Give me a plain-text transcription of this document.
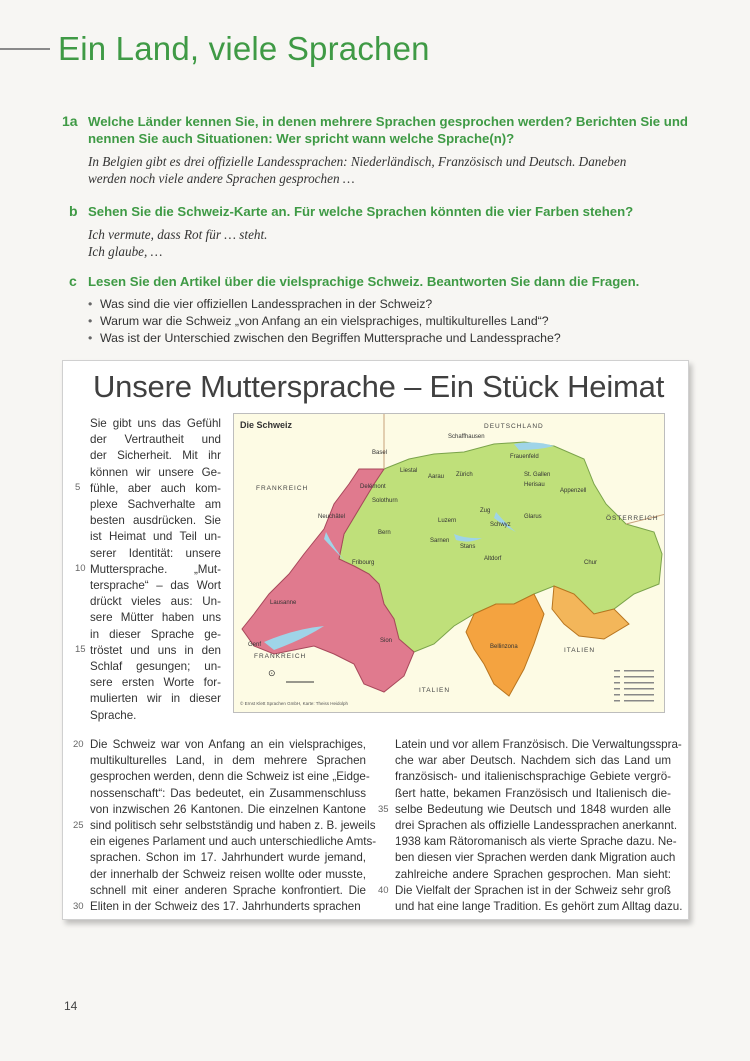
Ein Land, viele Sprachen
1a Welche Länder kennen Sie, in denen mehrere Sprachen gesprochen werden? Berichten Sie und
nennen Sie auch Situationen: Wer spricht wann welche Sprache(n)?
In Belgien gibt es drei offizielle Landessprachen: Niederländisch, Französisch und Deutsch. Daneben
werden noch viele andere Sprachen gesprochen …
b Sehen Sie die Schweiz-Karte an. Für welche Sprachen könnten die vier Farben stehen?
Ich vermute, dass Rot für … steht.
Ich glaube, …
c Lesen Sie den Artikel über die vielsprachige Schweiz. Beantworten Sie dann die Fragen.
• Was sind die vier offiziellen Landessprachen in der Schweiz?
• Warum war die Schweiz „von Anfang an ein vielsprachiges, multikulturelles Land“?
• Was ist der Unterschied zwischen den Begriffen Muttersprache und Landessprache?
Unsere Muttersprache – Ein Stück Heimat
Sie gibt uns das Gefühl
der Vertrautheit und
der Sicherheit. Mit ihr
können wir unsere Ge-
fühle, aber auch kom-
plexe Sachverhalte am
besten ausdrücken. Sie
ist Heimat und Teil un-
serer Identität: unsere
Muttersprache. „Mut-
tersprache“ – das Wort
drückt vieles aus: Un-
sere Mütter haben uns
in dieser Sprache ge-
tröstet und uns in den
Schlaf gesungen; un-
sere ersten Worte for-
mulierten wir in dieser
Sprache.
5
10
15
Die Schweiz	DEUTSCHLAND
FRANKREICH
ÖSTERREICH
ITALIEN
FRANKREICH
ITALIEN
Basel
Schaffhausen
Frauenfeld
Liestal
Aarau Zürich	St. Gallen
Herisau
Appenzell
Delémont
Solothurn
Luzern
Zug
Schwyz
Glarus
Neuchâtel
Bern
Sarnen
Stans
Altdorf
Fribourg	Chur
Lausanne
Sion
Genf	Bellinzona
⊙
© Ernst Klett Sprachen GmbH, Karte: Theiss Heidolph
Die Schweiz war von Anfang an ein vielsprachiges,
multikulturelles Land, in dem mehrere Sprachen
gesprochen werden, denn die Schweiz ist eine „Eidge-
nossenschaft“: Das bedeutet, ein Zusammenschluss
von inzwischen 26 Kantonen. Die einzelnen Kantone
sind politisch sehr selbstständig und haben z. B. jeweils
ein eigenes Parlament und auch unterschiedliche Amts-
sprachen. Schon im 17. Jahrhundert wurde jemand,
der innerhalb der Schweiz reisen wollte oder musste,
schnell mit einer anderen Sprache konfrontiert. Die
Eliten in der Schweiz des 17. Jahrhunderts sprachen
20
25
30
Latein und vor allem Französisch. Die Verwaltungsspra-
che war aber Deutsch. Nachdem sich das Land um
französisch- und italienischsprachige Gebiete vergrö-
ßert hatte, bekamen Französisch und Italienisch die-
selbe Bedeutung wie Deutsch und 1848 wurden alle
drei Sprachen als offizielle Landessprachen anerkannt.
1938 kam Rätoromanisch als vierte Sprache dazu. Ne-
ben diesen vier Sprachen werden dank Migration auch
zahlreiche andere Sprachen gesprochen. Man sieht:
Die Vielfalt der Sprachen ist in der Schweiz sehr groß
und hat eine lange Tradition. Es gehört zum Alltag dazu.
35
40
14
